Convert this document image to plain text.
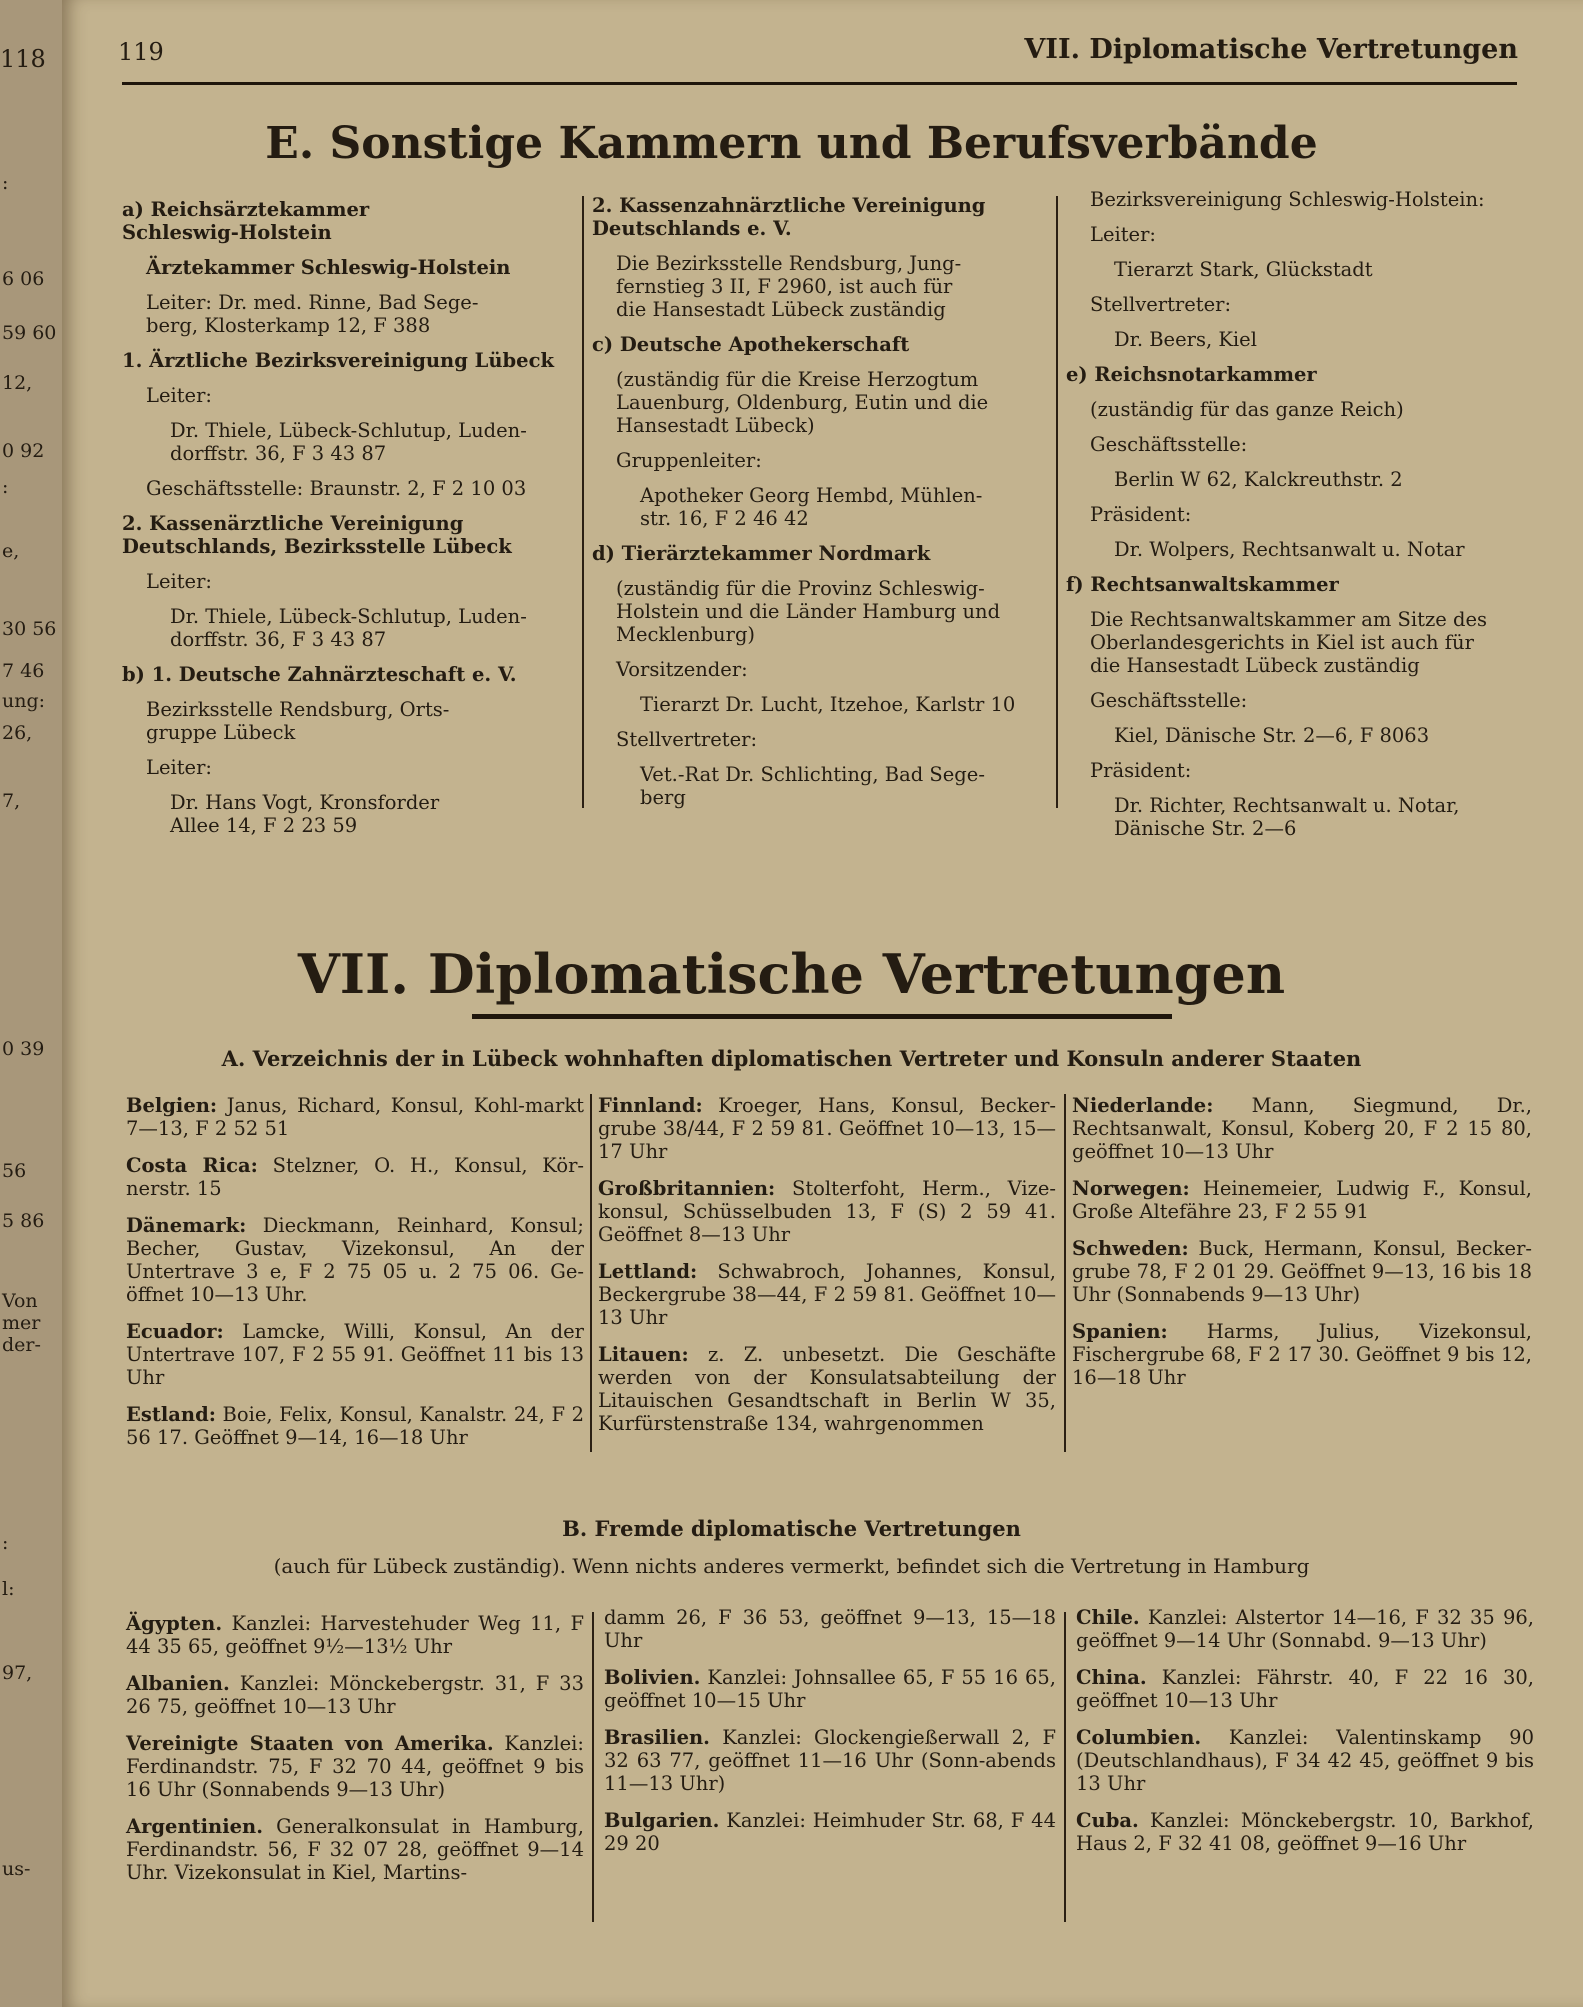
118
:
6 06
59 60
12,
0 92
:
e,
30 56
7 46
ung:
26,
7,
0 39
56
5 86
Von
mer
der-
:
l:
97,
us-
119	VII. Diplomatische Vertretungen
E. Sonstige Kammern und Berufsverbände
a) Reichsärztekammer
Schleswig-Holstein
Ärztekammer Schleswig-Holstein
Leiter: Dr. med. Rinne, Bad Sege-
berg, Klosterkamp 12, F 388
1. Ärztliche Bezirksvereinigung Lübeck
Leiter:
Dr. Thiele, Lübeck-Schlutup, Luden-
dorffstr. 36, F 3 43 87
Geschäftsstelle: Braunstr. 2, F 2 10 03
2. Kassenärztliche Vereinigung
Deutschlands, Bezirksstelle Lübeck
Leiter:
Dr. Thiele, Lübeck-Schlutup, Luden-
dorffstr. 36, F 3 43 87
b) 1. Deutsche Zahnärzteschaft e. V.
Bezirksstelle Rendsburg, Orts-
gruppe Lübeck
Leiter:
Dr. Hans Vogt, Kronsforder
Allee 14, F 2 23 59
2. Kassenzahnärztliche Vereinigung
Deutschlands e. V.
Die Bezirksstelle Rendsburg, Jung-
fernstieg 3 II, F 2960, ist auch für
die Hansestadt Lübeck zuständig
c) Deutsche Apothekerschaft
(zuständig für die Kreise Herzogtum
Lauenburg, Oldenburg, Eutin und die
Hansestadt Lübeck)
Gruppenleiter:
Apotheker Georg Hembd, Mühlen-
str. 16, F 2 46 42
d) Tierärztekammer Nordmark
(zuständig für die Provinz Schleswig-
Holstein und die Länder Hamburg und
Mecklenburg)
Vorsitzender:
Tierarzt Dr. Lucht, Itzehoe, Karlstr 10
Stellvertreter:
Vet.-Rat Dr. Schlichting, Bad Sege-
berg
Bezirksvereinigung Schleswig-Holstein:
Leiter:
Tierarzt Stark, Glückstadt
Stellvertreter:
Dr. Beers, Kiel
e) Reichsnotarkammer
(zuständig für das ganze Reich)
Geschäftsstelle:
Berlin W 62, Kalckreuthstr. 2
Präsident:
Dr. Wolpers, Rechtsanwalt u. Notar
f) Rechtsanwaltskammer
Die Rechtsanwaltskammer am Sitze des
Oberlandesgerichts in Kiel ist auch für
die Hansestadt Lübeck zuständig
Geschäftsstelle:
Kiel, Dänische Str. 2—6, F 8063
Präsident:
Dr. Richter, Rechtsanwalt u. Notar,
Dänische Str. 2—6
VII. Diplomatische Vertretungen
A. Verzeichnis der in Lübeck wohnhaften diplomatischen Vertreter und Konsuln anderer Staaten
Belgien: Janus, Richard, Konsul, Kohl-markt 7—13, F 2 52 51
Costa Rica: Stelzner, O. H., Konsul, Kör-nerstr. 15
Dänemark: Dieckmann, Reinhard, Konsul; Becher, Gustav, Vizekonsul, An der Untertrave 3 e, F 2 75 05 u. 2 75 06. Ge-öffnet 10—13 Uhr.
Ecuador: Lamcke, Willi, Konsul, An der Untertrave 107, F 2 55 91. Geöffnet 11 bis 13 Uhr
Estland: Boie, Felix, Konsul, Kanalstr. 24, F 2 56 17. Geöffnet 9—14, 16—18 Uhr
Finnland: Kroeger, Hans, Konsul, Becker-grube 38/44, F 2 59 81. Geöffnet 10—13, 15—17 Uhr
Großbritannien: Stolterfoht, Herm., Vize-konsul, Schüsselbuden 13, F (S) 2 59 41. Geöffnet 8—13 Uhr
Lettland: Schwabroch, Johannes, Konsul, Beckergrube 38—44, F 2 59 81. Geöffnet 10—13 Uhr
Litauen: z. Z. unbesetzt. Die Geschäfte werden von der Konsulatsabteilung der Litauischen Gesandtschaft in Berlin W 35, Kurfürstenstraße 134, wahrgenommen
Niederlande: Mann, Siegmund, Dr., Rechtsanwalt, Konsul, Koberg 20, F 2 15 80, geöffnet 10—13 Uhr
Norwegen: Heinemeier, Ludwig F., Konsul, Große Altefähre 23, F 2 55 91
Schweden: Buck, Hermann, Konsul, Becker-grube 78, F 2 01 29. Geöffnet 9—13, 16 bis 18 Uhr (Sonnabends 9—13 Uhr)
Spanien: Harms, Julius, Vizekonsul, Fischergrube 68, F 2 17 30. Geöffnet 9 bis 12, 16—18 Uhr
B. Fremde diplomatische Vertretungen
(auch für Lübeck zuständig). Wenn nichts anderes vermerkt, befindet sich die Vertretung in Hamburg
Ägypten. Kanzlei: Harvestehuder Weg 11, F 44 35 65, geöffnet 9½—13½ Uhr
Albanien. Kanzlei: Mönckebergstr. 31, F 33 26 75, geöffnet 10—13 Uhr
Vereinigte Staaten von Amerika. Kanzlei: Ferdinandstr. 75, F 32 70 44, geöffnet 9 bis 16 Uhr (Sonnabends 9—13 Uhr)
Argentinien. Generalkonsulat in Hamburg, Ferdinandstr. 56, F 32 07 28, geöffnet 9—14 Uhr. Vizekonsulat in Kiel, Martins-
damm 26, F 36 53, geöffnet 9—13, 15—18 Uhr
Bolivien. Kanzlei: Johnsallee 65, F 55 16 65, geöffnet 10—15 Uhr
Brasilien. Kanzlei: Glockengießerwall 2, F 32 63 77, geöffnet 11—16 Uhr (Sonn-abends 11—13 Uhr)
Bulgarien. Kanzlei: Heimhuder Str. 68, F 44 29 20
Chile. Kanzlei: Alstertor 14—16, F 32 35 96, geöffnet 9—14 Uhr (Sonnabd. 9—13 Uhr)
China. Kanzlei: Fährstr. 40, F 22 16 30, geöffnet 10—13 Uhr
Columbien. Kanzlei: Valentinskamp 90 (Deutschlandhaus), F 34 42 45, geöffnet 9 bis 13 Uhr
Cuba. Kanzlei: Mönckebergstr. 10, Barkhof, Haus 2, F 32 41 08, geöffnet 9—16 Uhr
